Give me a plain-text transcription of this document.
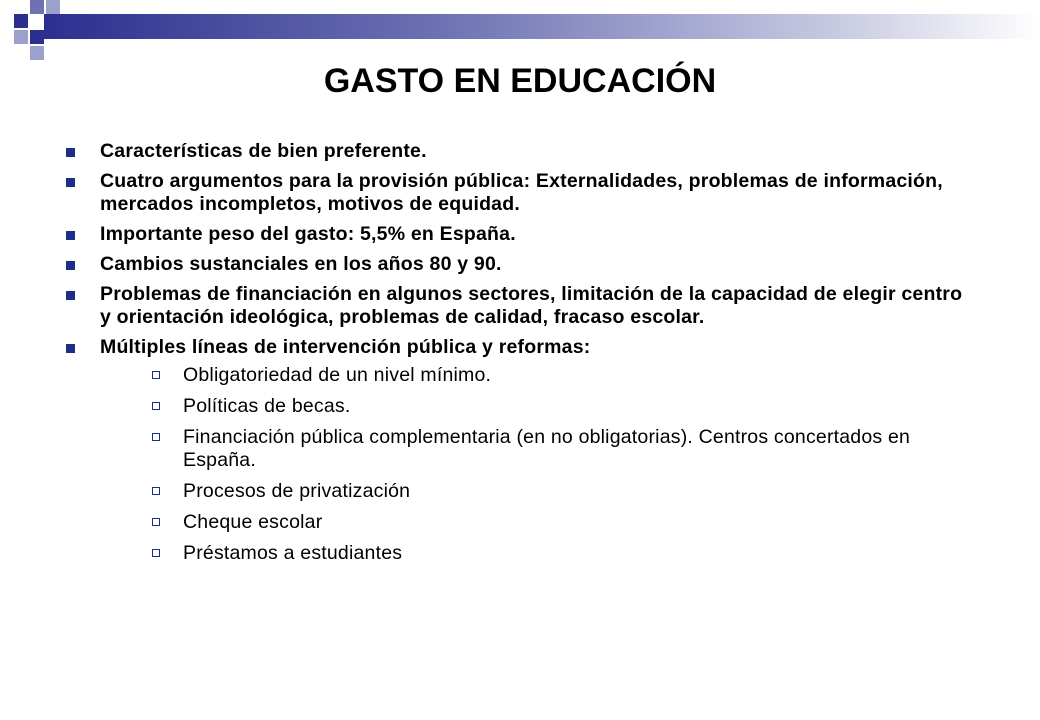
GASTO EN EDUCACIÓN
Características de bien preferente.
Cuatro argumentos para la provisión pública: Externalidades, problemas de información, mercados incompletos, motivos de equidad.
Importante peso del gasto: 5,5% en España.
Cambios sustanciales en los años 80 y 90.
Problemas de financiación en algunos sectores, limitación de la capacidad de elegir centro y orientación ideológica, problemas de calidad, fracaso escolar.
Múltiples líneas de intervención pública y reformas:
Obligatoriedad de un nivel mínimo.
Políticas de becas.
Financiación pública complementaria (en no obligatorias). Centros concertados en España.
Procesos de privatización
Cheque escolar
Préstamos a estudiantes
